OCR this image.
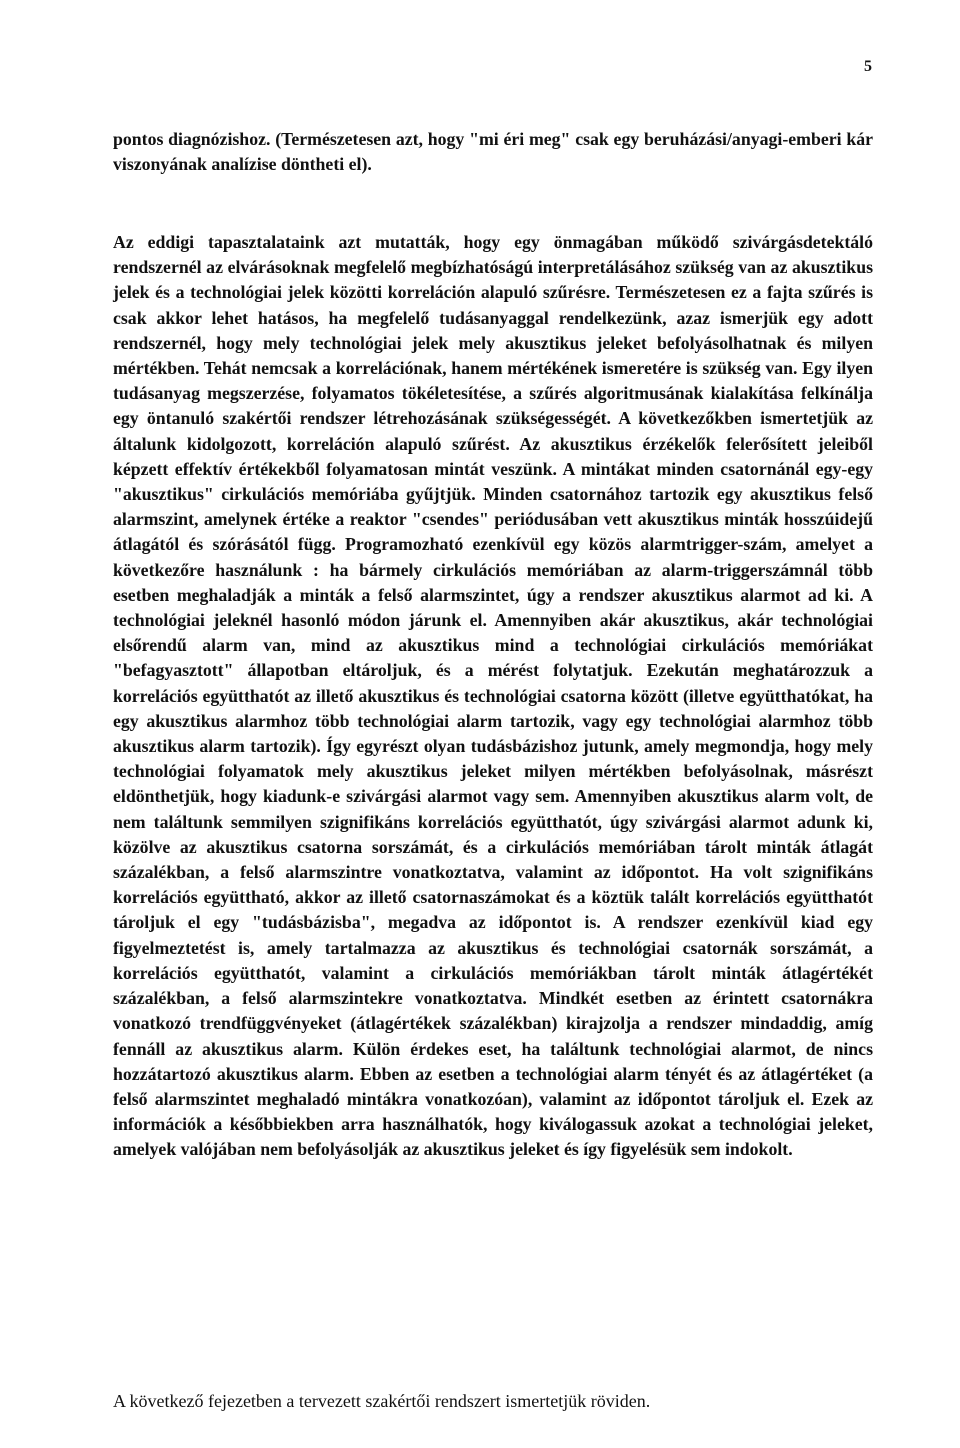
5

pontos diagnózishoz. (Természetesen azt, hogy "mi éri meg" csak egy beruházási/anyagi-emberi kár viszonyának analízise döntheti el).

Az eddigi tapasztalataink azt mutatták, hogy egy önmagában működő szivárgásdetektáló rendszernél az elvárásoknak megfelelő megbízhatóságú interpretálásához szükség van az akusztikus jelek és a technológiai jelek közötti korreláción alapuló szűrésre. Természetesen ez a fajta szűrés is csak akkor lehet hatásos, ha megfelelő tudásanyaggal rendelkezünk, azaz ismerjük egy adott rendszernél, hogy mely technológiai jelek mely akusztikus jeleket befolyásolhatnak és milyen mértékben. Tehát nemcsak a korrelációnak, hanem mértékének ismeretére is szükség van. Egy ilyen tudásanyag megszerzése, folyamatos tökéletesítése, a szűrés algoritmusának kialakítása felkínálja egy öntanuló szakértői rendszer létrehozásának szükségességét. A következőkben ismertetjük az általunk kidolgozott, korreláción alapuló szűrést. Az akusztikus érzékelők felerősített jeleiből képzett effektív értékekből folyamatosan mintát veszünk. A mintákat minden csatornánál egy-egy "akusztikus" cirkulációs memóriába gyűjtjük. Minden csatornához tartozik egy akusztikus felső alarmszint, amelynek értéke a reaktor "csendes" periódusában vett akusztikus minták hosszúidejű átlagától és szórásától függ. Programozható ezenkívül egy közös alarmtrigger-szám, amelyet a következőre használunk : ha bármely cirkulációs memóriában az alarm-triggerszámnál több esetben meghaladják a minták a felső alarmszintet, úgy a rendszer akusztikus alarmot ad ki. A technológiai jeleknél hasonló módon járunk el. Amennyiben akár akusztikus, akár technológiai elsőrendű alarm van, mind az akusztikus mind a technológiai cirkulációs memóriákat "befagyasztott" állapotban eltároljuk, és a mérést folytatjuk. Ezekután meghatározzuk a korrelációs együtthatót az illető akusztikus és technológiai csatorna között (illetve együtthatókat, ha egy akusztikus alarmhoz több technológiai alarm tartozik, vagy egy technológiai alarmhoz több akusztikus alarm tartozik). Így egyrészt olyan tudásbázishoz jutunk, amely megmondja, hogy mely technológiai folyamatok mely akusztikus jeleket milyen mértékben befolyásolnak, másrészt eldönthetjük, hogy kiadunk-e szivárgási alarmot vagy sem. Amennyiben akusztikus alarm volt, de nem találtunk semmilyen szignifikáns korrelációs együtthatót, úgy szivárgási alarmot adunk ki, közölve az akusztikus csatorna sorszámát, és a cirkulációs memóriában tárolt minták átlagát százalékban, a felső alarmszintre vonatkoztatva, valamint az időpontot. Ha volt szignifikáns korrelációs együttható, akkor az illető csatornaszámokat és a köztük talált korrelációs együtthatót tároljuk el egy "tudásbázisba", megadva az időpontot is. A rendszer ezenkívül kiad egy figyelmeztetést is, amely tartalmazza az akusztikus és technológiai csatornák sorszámát, a korrelációs együtthatót, valamint a cirkulációs memóriákban tárolt minták átlagértékét százalékban, a felső alarmszintekre vonatkoztatva. Mindkét esetben az érintett csatornákra vonatkozó trendfüggvényeket (átlagértékek százalékban) kirajzolja a rendszer mindaddig, amíg fennáll az akusztikus alarm. Külön érdekes eset, ha találtunk technológiai alarmot, de nincs hozzátartozó akusztikus alarm. Ebben az esetben a technológiai alarm tényét és az átlagértéket (a felső alarmszintet meghaladó mintákra vonatkozóan), valamint az időpontot tároljuk el. Ezek az információk a későbbiekben arra használhatók, hogy kiválogassuk azokat a technológiai jeleket, amelyek valójában nem befolyásolják az akusztikus jeleket és így figyelésük sem indokolt.

A következő fejezetben a tervezett szakértői rendszert ismertetjük röviden.
